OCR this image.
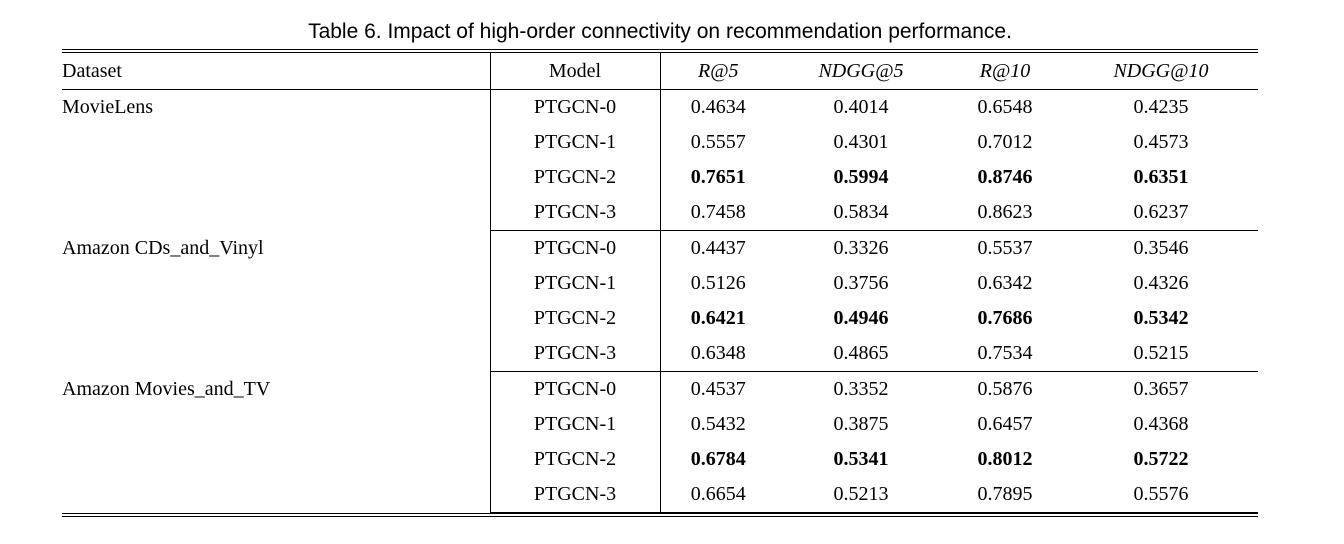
Table 6. Impact of high-order connectivity on recommendation performance.
Dataset	Model	R@5	NDGG@5	R@10	NDGG@10
MovieLens	PTGCN-0	0.4634	0.4014	0.6548	0.4235
	PTGCN-1	0.5557	0.4301	0.7012	0.4573
	PTGCN-2	0.7651	0.5994	0.8746	0.6351
	PTGCN-3	0.7458	0.5834	0.8623	0.6237
Amazon CDs_and_Vinyl	PTGCN-0	0.4437	0.3326	0.5537	0.3546
	PTGCN-1	0.5126	0.3756	0.6342	0.4326
	PTGCN-2	0.6421	0.4946	0.7686	0.5342
	PTGCN-3	0.6348	0.4865	0.7534	0.5215
Amazon Movies_and_TV	PTGCN-0	0.4537	0.3352	0.5876	0.3657
	PTGCN-1	0.5432	0.3875	0.6457	0.4368
	PTGCN-2	0.6784	0.5341	0.8012	0.5722
	PTGCN-3	0.6654	0.5213	0.7895	0.5576
